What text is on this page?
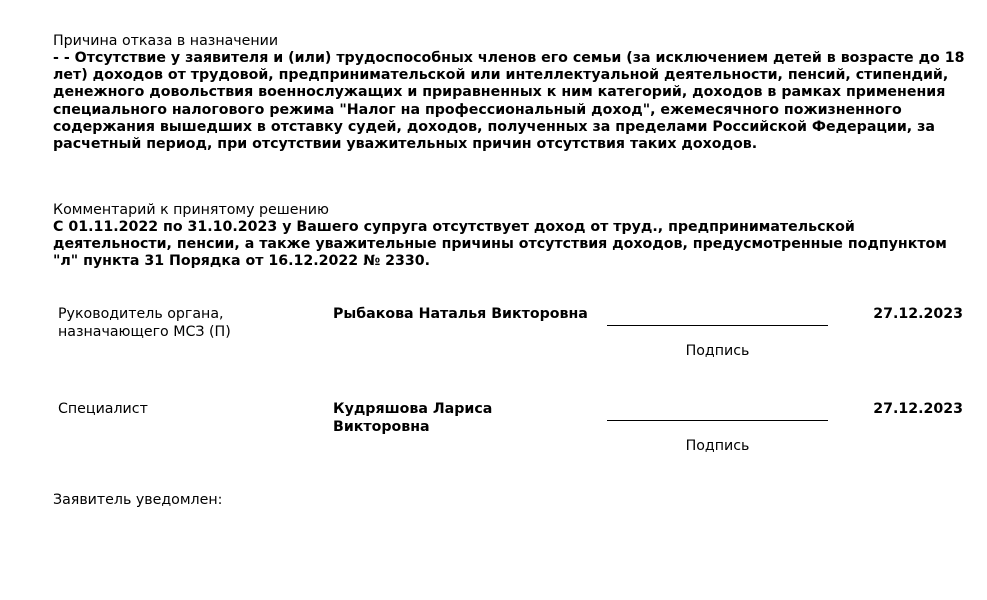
Причина отказа в назначении
- - Отсутствие у заявителя и (или) трудоспособных членов его семьи (за исключением детей в возрасте до 18 лет) доходов от трудовой, предпринимательской или интеллектуальной деятельности, пенсий, стипендий, денежного довольствия военнослужащих и приравненных к ним категорий, доходов в рамках применения специального налогового режима "Налог на профессиональный доход", ежемесячного пожизненного содержания вышедших в отставку судей, доходов, полученных за пределами Российской Федерации, за расчетный период, при отсутствии уважительных причин отсутствия таких доходов.
Комментарий к принятому решению
С 01.11.2022 по 31.10.2023 у Вашего супруга отсутствует доход от труд., предпринимательской деятельности, пенсии, а также уважительные причины отсутствия доходов, предусмотренные подпунктом "л" пункта 31 Порядка от 16.12.2022 № 2330.
Руководитель органа, назначающего МСЗ (П)
Рыбакова Наталья Викторовна
Подпись
27.12.2023
Специалист	Кудряшова Лариса Викторовна
Подпись
27.12.2023
Заявитель уведомлен:
